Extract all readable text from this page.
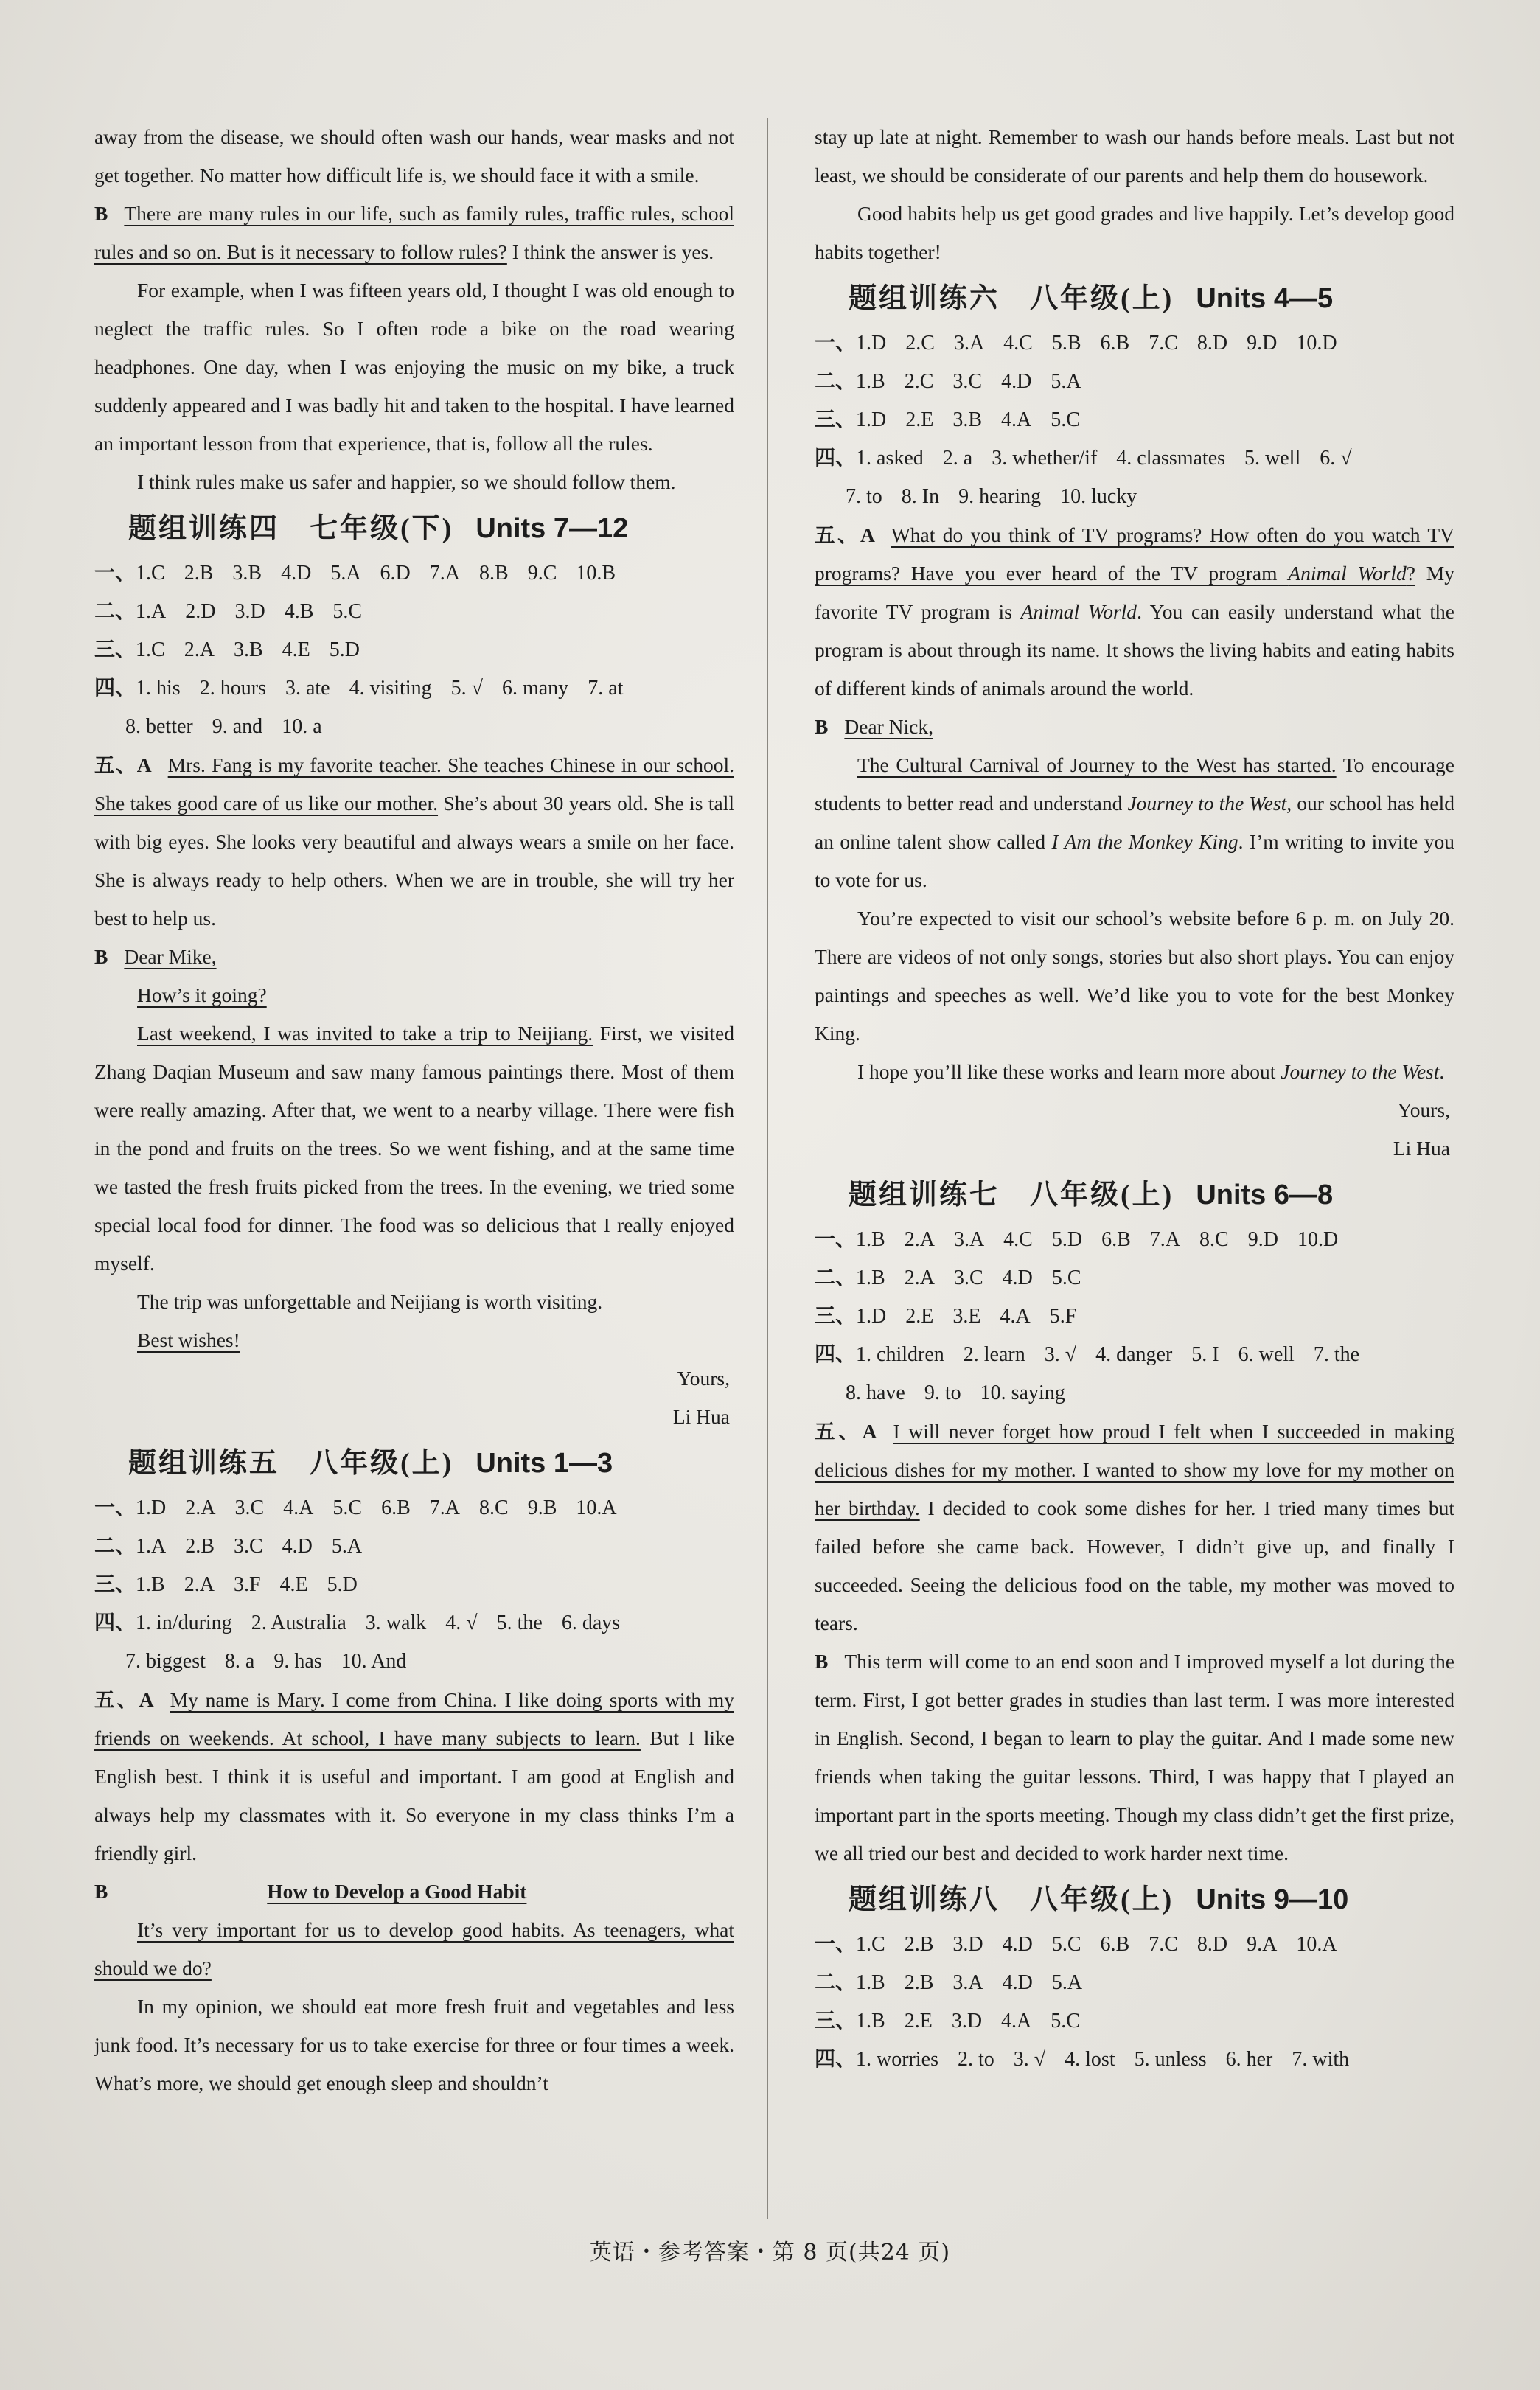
away from the disease, we should often wash our hands, wear masks and not get together. No matter how difficult life is, we should face it with a smile.

B There are many rules in our life, such as family rules, traffic rules, school rules and so on. But is it necessary to follow rules? I think the answer is yes.

For example, when I was fifteen years old, I thought I was old enough to neglect the traffic rules. So I often rode a bike on the road wearing headphones. One day, when I was enjoying the music on my bike, a truck suddenly appeared and I was badly hit and taken to the hospital. I have learned an important lesson from that experience, that is, follow all the rules.

I think rules make us safer and happier, so we should follow them.

题组训练四　七年级(下) Units 7—12

一、1.C 2.B 3.B 4.D 5.A 6.D 7.A 8.B 9.C 10.B

二、1.A 2.D 3.D 4.B 5.C

三、1.C 2.A 3.B 4.E 5.D

四、1. his 2. hours 3. ate 4. visiting 5. √ 6. many 7. at

8. better 9. and 10. a

五、A Mrs. Fang is my favorite teacher. She teaches Chinese in our school. She takes good care of us like our mother. She’s about 30 years old. She is tall with big eyes. She looks very beautiful and always wears a smile on her face. She is always ready to help others. When we are in trouble, she will try her best to help us.

B Dear Mike,

How’s it going?

Last weekend, I was invited to take a trip to Neijiang. First, we visited Zhang Daqian Museum and saw many famous paintings there. Most of them were really amazing. After that, we went to a nearby village. There were fish in the pond and fruits on the trees. So we went fishing, and at the same time we tasted the fresh fruits picked from the trees. In the evening, we tried some special local food for dinner. The food was so delicious that I really enjoyed myself.

The trip was unforgettable and Neijiang is worth visiting.

Best wishes!

Yours,

Li Hua

题组训练五　八年级(上) Units 1—3

一、1.D 2.A 3.C 4.A 5.C 6.B 7.A 8.C 9.B 10.A

二、1.A 2.B 3.C 4.D 5.A

三、1.B 2.A 3.F 4.E 5.D

四、1. in/during 2. Australia 3. walk 4. √ 5. the 6. days

7. biggest 8. a 9. has 10. And

五、A My name is Mary. I come from China. I like doing sports with my friends on weekends. At school, I have many subjects to learn. But I like English best. I think it is useful and important. I am good at English and always help my classmates with it. So everyone in my class thinks I’m a friendly girl.

B	How to Develop a Good Habit

It’s very important for us to develop good habits. As teenagers, what should we do?

In my opinion, we should eat more fresh fruit and vegetables and less junk food. It’s necessary for us to take exercise for three or four times a week. What’s more, we should get enough sleep and shouldn’t

stay up late at night. Remember to wash our hands before meals. Last but not least, we should be considerate of our parents and help them do housework.

Good habits help us get good grades and live happily. Let’s develop good habits together!

题组训练六　八年级(上) Units 4—5

一、1.D 2.C 3.A 4.C 5.B 6.B 7.C 8.D 9.D 10.D

二、1.B 2.C 3.C 4.D 5.A

三、1.D 2.E 3.B 4.A 5.C

四、1. asked 2. a 3. whether/if 4. classmates 5. well 6. √

7. to 8. In 9. hearing 10. lucky

五、A What do you think of TV programs? How often do you watch TV programs? Have you ever heard of the TV program Animal World? My favorite TV program is Animal World. You can easily understand what the program is about through its name. It shows the living habits and eating habits of different kinds of animals around the world.

B Dear Nick,

The Cultural Carnival of Journey to the West has started. To encourage students to better read and understand Journey to the West, our school has held an online talent show called I Am the Monkey King. I’m writing to invite you to vote for us.

You’re expected to visit our school’s website before 6 p. m. on July 20. There are videos of not only songs, stories but also short plays. You can enjoy paintings and speeches as well. We’d like you to vote for the best Monkey King.

I hope you’ll like these works and learn more about Journey to the West.

Yours,

Li Hua

题组训练七　八年级(上) Units 6—8

一、1.B 2.A 3.A 4.C 5.D 6.B 7.A 8.C 9.D 10.D

二、1.B 2.A 3.C 4.D 5.C

三、1.D 2.E 3.E 4.A 5.F

四、1. children 2. learn 3. √ 4. danger 5. I 6. well 7. the

8. have 9. to 10. saying

五、A I will never forget how proud I felt when I succeeded in making delicious dishes for my mother. I wanted to show my love for my mother on her birthday. I decided to cook some dishes for her. I tried many times but failed before she came back. However, I didn’t give up, and finally I succeeded. Seeing the delicious food on the table, my mother was moved to tears.

B This term will come to an end soon and I improved myself a lot during the term. First, I got better grades in studies than last term. I was more interested in English. Second, I began to learn to play the guitar. And I made some new friends when taking the guitar lessons. Third, I was happy that I played an important part in the sports meeting. Though my class didn’t get the first prize, we all tried our best and decided to work harder next time.

题组训练八　八年级(上) Units 9—10

一、1.C 2.B 3.D 4.D 5.C 6.B 7.C 8.D 9.A 10.A

二、1.B 2.B 3.A 4.D 5.A

三、1.B 2.E 3.D 4.A 5.C

四、1. worries 2. to 3. √ 4. lost 5. unless 6. her 7. with

英语・参考答案・第 8 页(共24 页)
